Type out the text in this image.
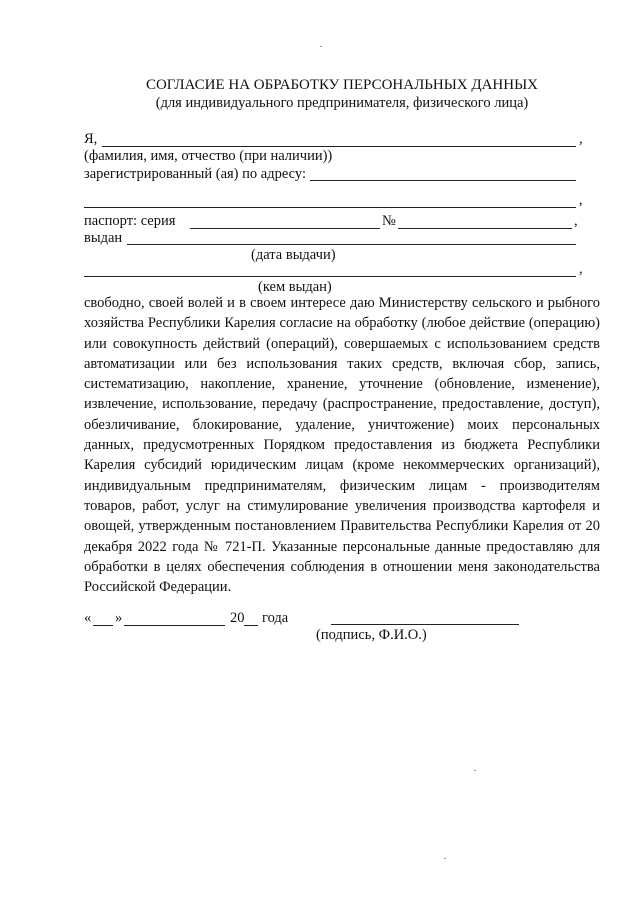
СОГЛАСИЕ НА ОБРАБОТКУ ПЕРСОНАЛЬНЫХ ДАННЫХ
(для индивидуального предпринимателя, физического лица)
Я,	,
(фамилия, имя, отчество (при наличии))
зарегистрированный (ая) по адресу:
,
паспорт: серия	№	,
выдан
(дата выдачи)
,
(кем выдан)

свободно, своей волей и в своем интересе даю Министерству сельского и рыбного хозяйства Республики Карелия согласие на обработку (любое действие (операцию) или совокупность действий (операций), совершаемых с использованием средств автоматизации или без использования таких средств, включая сбор, запись, систематизацию, накопление, хранение, уточнение (обновление, изменение), извлечение, использование, передачу (распространение, предоставление, доступ), обезличивание, блокирование, удаление, уничтожение) моих персональных данных, предусмотренных Порядком предоставления из бюджета Республики Карелия субсидий юридическим лицам (кроме некоммерческих организаций), индивидуальным предпринимателям, физическим лицам - производителям товаров, работ, услуг на стимулирование увеличения производства картофеля и овощей, утвержденным постановлением Правительства Республики Карелия от 20 декабря 2022 года № 721-П. Указанные персональные данные предоставляю для обработки в целях обеспечения соблюдения в отношении меня законодательства Российской Федерации.

« »	20 года
(подпись, Ф.И.О.)
